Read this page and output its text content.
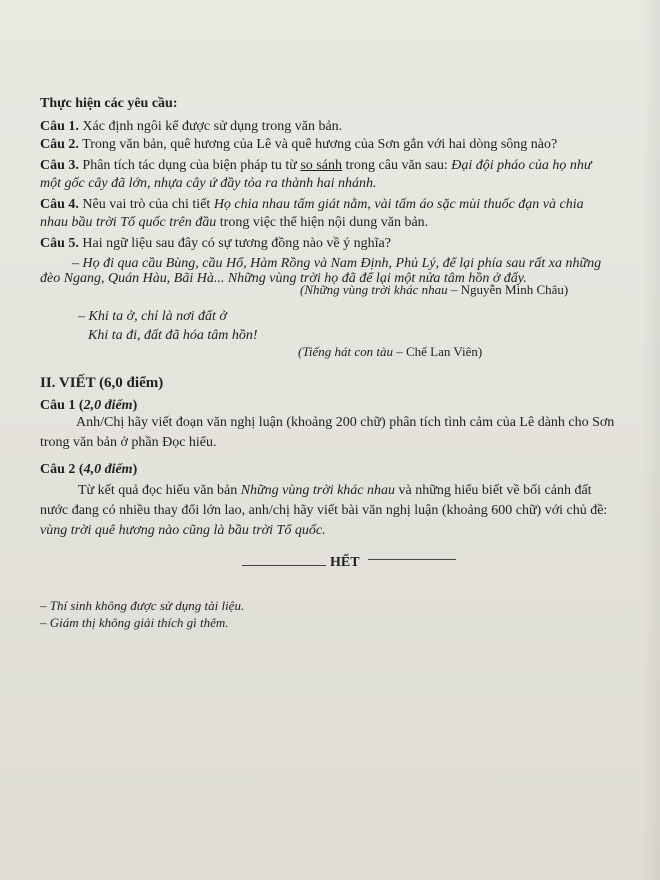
Thực hiện các yêu cầu:
Câu 1. Xác định ngôi kể được sử dụng trong văn bản.
Câu 2. Trong văn bản, quê hương của Lê và quê hương của Sơn gắn với hai dòng sông nào?
Câu 3. Phân tích tác dụng của biện pháp tu từ so sánh trong câu văn sau: Đại đội pháo của họ như
một gốc cây đã lớn, nhựa cây ứ đầy tỏa ra thành hai nhánh.
Câu 4. Nêu vai trò của chi tiết Họ chia nhau tấm giát nằm, vài tấm áo sặc mùi thuốc đạn và chia
nhau bầu trời Tổ quốc trên đầu trong việc thể hiện nội dung văn bản.
Câu 5. Hai ngữ liệu sau đây có sự tương đồng nào về ý nghĩa?
– Họ đi qua cầu Bùng, cầu Hổ, Hàm Rồng và Nam Định, Phủ Lý, để lại phía sau rất xa những
đèo Ngang, Quán Hàu, Bãi Hà... Những vùng trời họ đã để lại một nửa tâm hồn ở đấy.
(Những vùng trời khác nhau – Nguyễn Minh Châu)
– Khi ta ở, chỉ là nơi đất ở
Khi ta đi, đất đã hóa tâm hồn!
(Tiếng hát con tàu – Chế Lan Viên)
II. VIẾT (6,0 điểm)
Câu 1 (2,0 điểm)
Anh/Chị hãy viết đoạn văn nghị luận (khoảng 200 chữ) phân tích tình cảm của Lê dành cho Sơn
trong văn bản ở phần Đọc hiểu.
Câu 2 (4,0 điểm)
Từ kết quả đọc hiểu văn bản Những vùng trời khác nhau và những hiểu biết về bối cảnh đất
nước đang có nhiều thay đổi lớn lao, anh/chị hãy viết bài văn nghị luận (khoảng 600 chữ) với chủ đề:
vùng trời quê hương nào cũng là bầu trời Tổ quốc.
HẾT
– Thí sinh không được sử dụng tài liệu.
– Giám thị không giải thích gì thêm.
